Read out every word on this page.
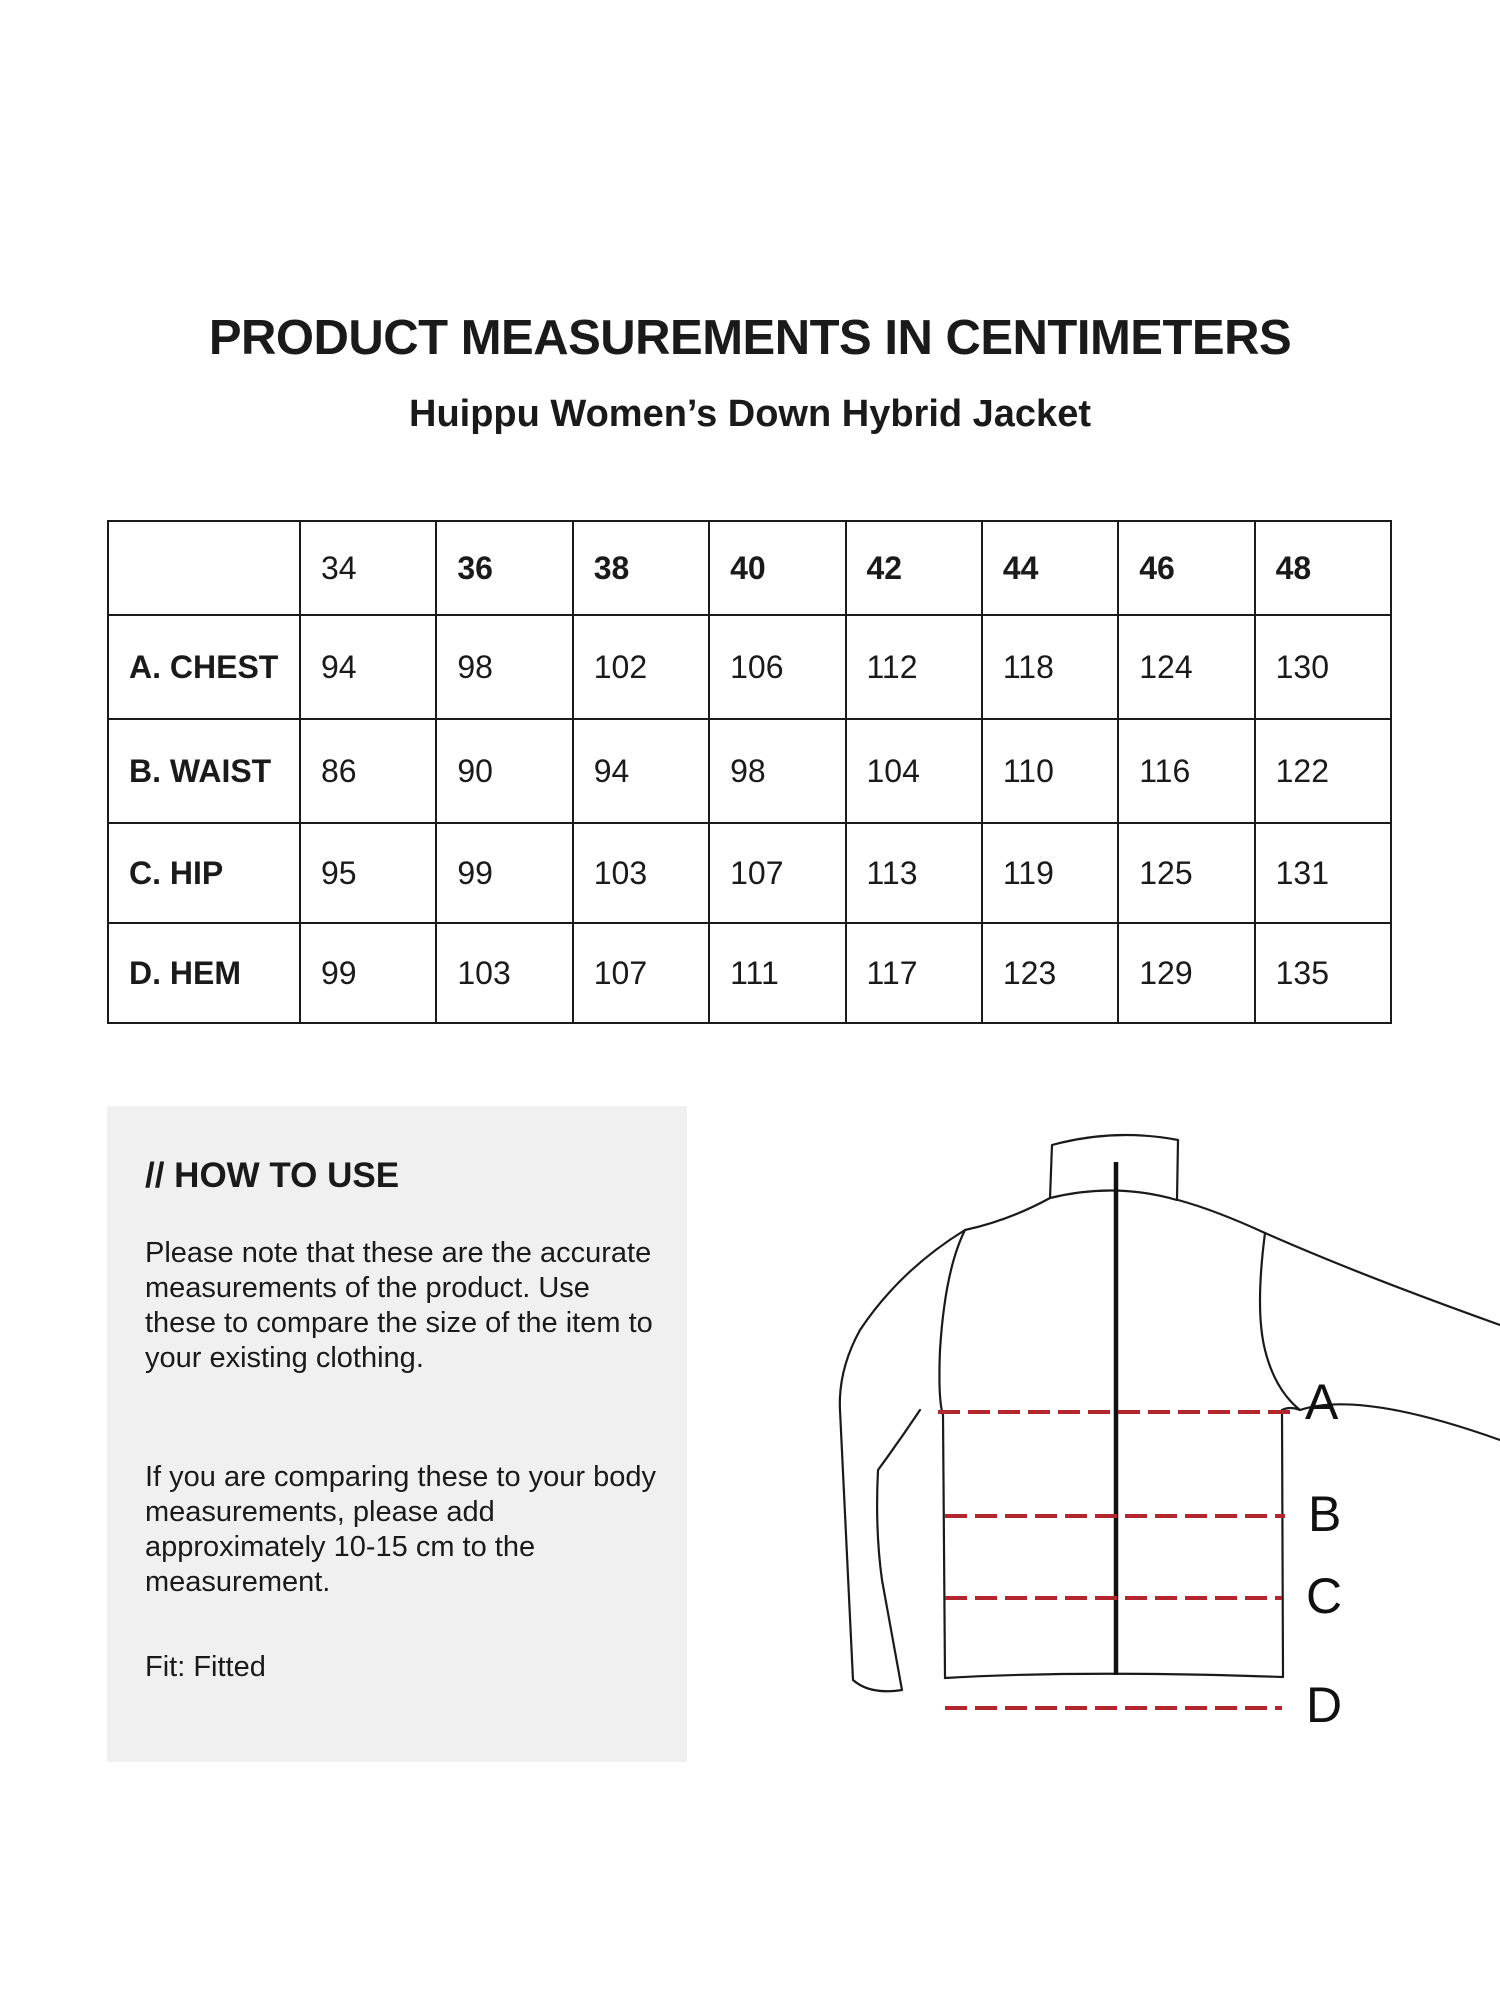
PRODUCT MEASUREMENTS IN CENTIMETERS
Huippu Women’s Down Hybrid Jacket
	34	36	38	40	42	44	46	48
A. CHEST	94	98	102	106	112	118	124	130
B. WAIST	86	90	94	98	104	110	116	122
C. HIP	95	99	103	107	113	119	125	131
D. HEM	99	103	107	111	117	123	129	135
// HOW TO USE

Please note that these are the accurate measurements of the product. Use these to compare the size of the item to your existing clothing.

If you are comparing these to your body measurements, please add approximately 10-15 cm to the measurement.

Fit: Fitted

A
B
C
D
